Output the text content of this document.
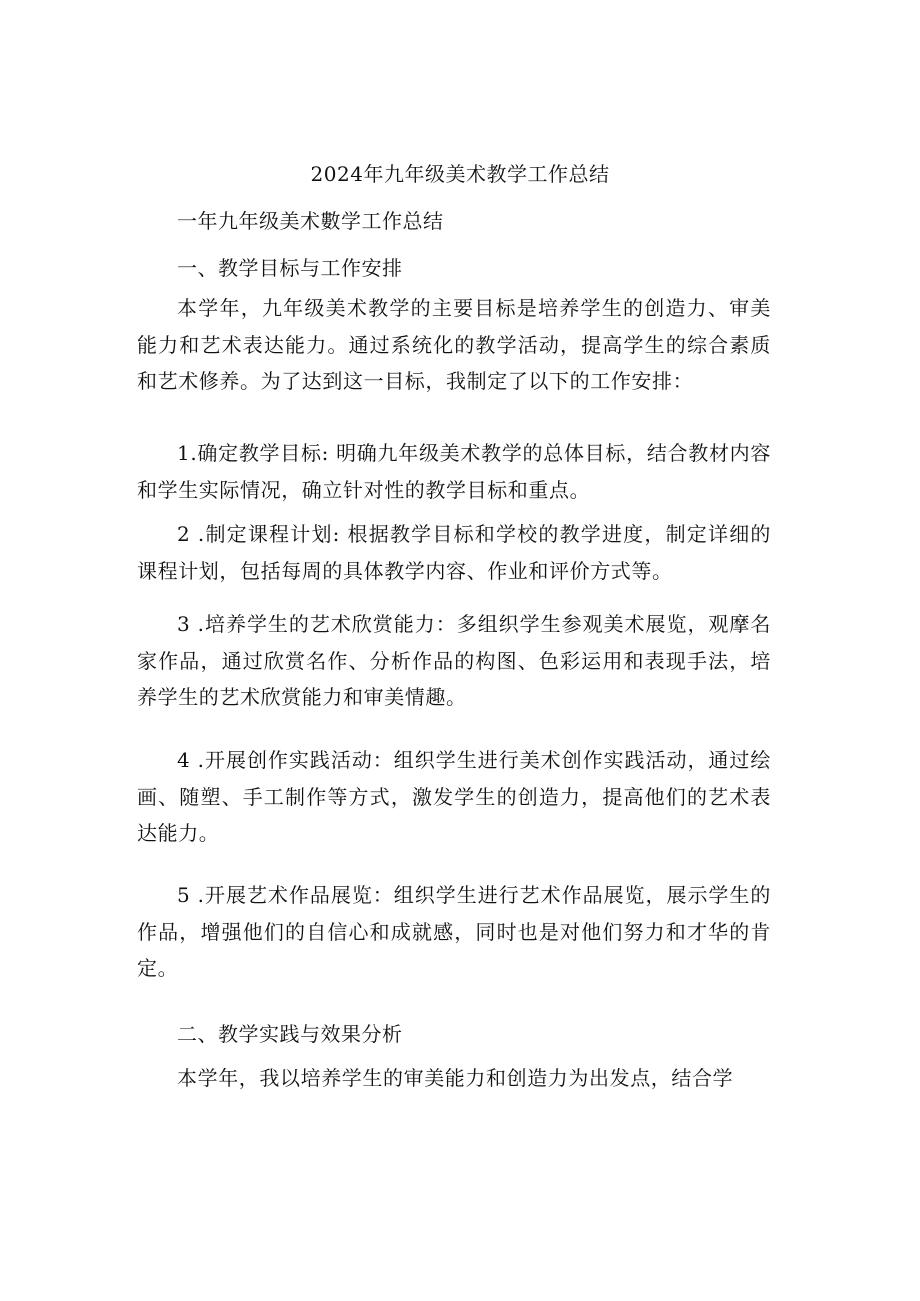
2024年九年级美术教学工作总结
一年九年级美术數学工作总结
一、教学目标与工作安排
本学年，九年级美术教学的主要目标是培养学生的创造力、审美能力和艺术表达能力。通过系统化的教学活动，提高学生的综合素质和艺术修养。为了达到这一目标，我制定了以下的工作安排：
1.确定教学目标: 明确九年级美术教学的总体目标，结合教材内容和学生实际情况，确立针对性的教学目标和重点。
2 .制定课程计划: 根据教学目标和学校的教学进度，制定详细的课程计划，包括每周的具体教学内容、作业和评价方式等。
3 .培养学生的艺术欣赏能力：多组织学生参观美术展览，观摩名家作品，通过欣赏名作、分析作品的构图、色彩运用和表现手法，培养学生的艺术欣赏能力和审美情趣。
4 .开展创作实践活动：组织学生进行美术创作实践活动，通过绘画、随塑、手工制作等方式，激发学生的创造力，提高他们的艺术表达能力。
5 .开展艺术作品展览：组织学生进行艺术作品展览，展示学生的作品，增强他们的自信心和成就感，同时也是对他们努力和才华的肯定。
二、教学实践与效果分析
本学年，我以培养学生的审美能力和创造力为出发点，结合学
